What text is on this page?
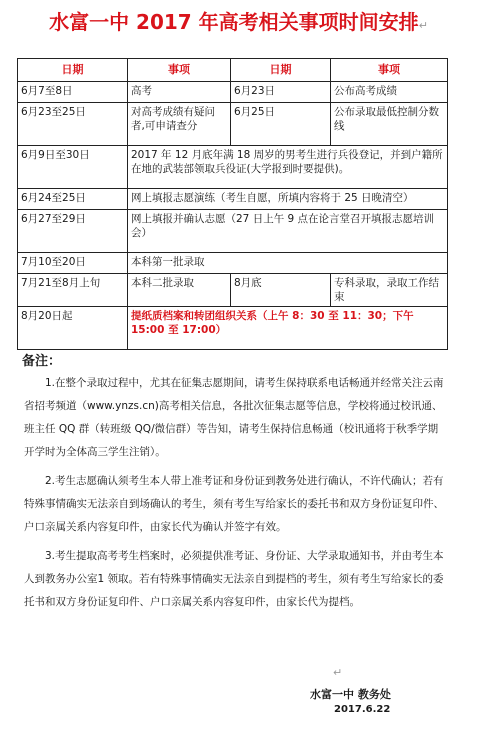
水富一中 2017 年高考相关事项时间安排↵
日期	事项	日期	事项
6月7至8日	高考	6月23日	公布高考成绩
6月23至25日	对高考成绩有疑问者,可申请查分	6月25日	公布录取最低控制分数线
6月9日至30日	2017 年 12 月底年满 18 周岁的男考生进行兵役登记，并到户籍所在地的武装部领取兵役证(大学报到时要提供)。		
6月24至25日	网上填报志愿演练（考生自愿，所填内容将于 25 日晚清空）		
6月27至29日	网上填报并确认志愿（27 日上午 9 点在论言堂召开填报志愿培训会）		
7月10至20日	本科第一批录取		
7月21至8月上旬	本科二批录取	8月底	专科录取，录取工作结束
8月20日起	提纸质档案和转团组织关系（上午 8：30 至 11：30；下午 15:00 至 17:00）		
备注：

1.在整个录取过程中，尤其在征集志愿期间，请考生保持联系电话畅通并经常关注云南省招考频道（www.ynzs.cn)高考相关信息，各批次征集志愿等信息，学校将通过校讯通、班主任 QQ 群（转班级 QQ/微信群）等告知，请考生保持信息畅通（校讯通将于秋季学期开学时为全体高三学生注销）。

2.考生志愿确认须考生本人带上准考证和身份证到教务处进行确认，不许代确认；若有特殊事情确实无法亲自到场确认的考生，须有考生写给家长的委托书和双方身份证复印件、户口亲属关系内容复印件，由家长代为确认并签字有效。

3.考生提取高考考生档案时，必须提供准考证、身份证、大学录取通知书，并由考生本人到教务办公室1 领取。若有特殊事情确实无法亲自到提档的考生，须有考生写给家长的委托书和双方身份证复印件、户口亲属关系内容复印件，由家长代为提档。

↵
水富一中 教务处
2017.6.22
